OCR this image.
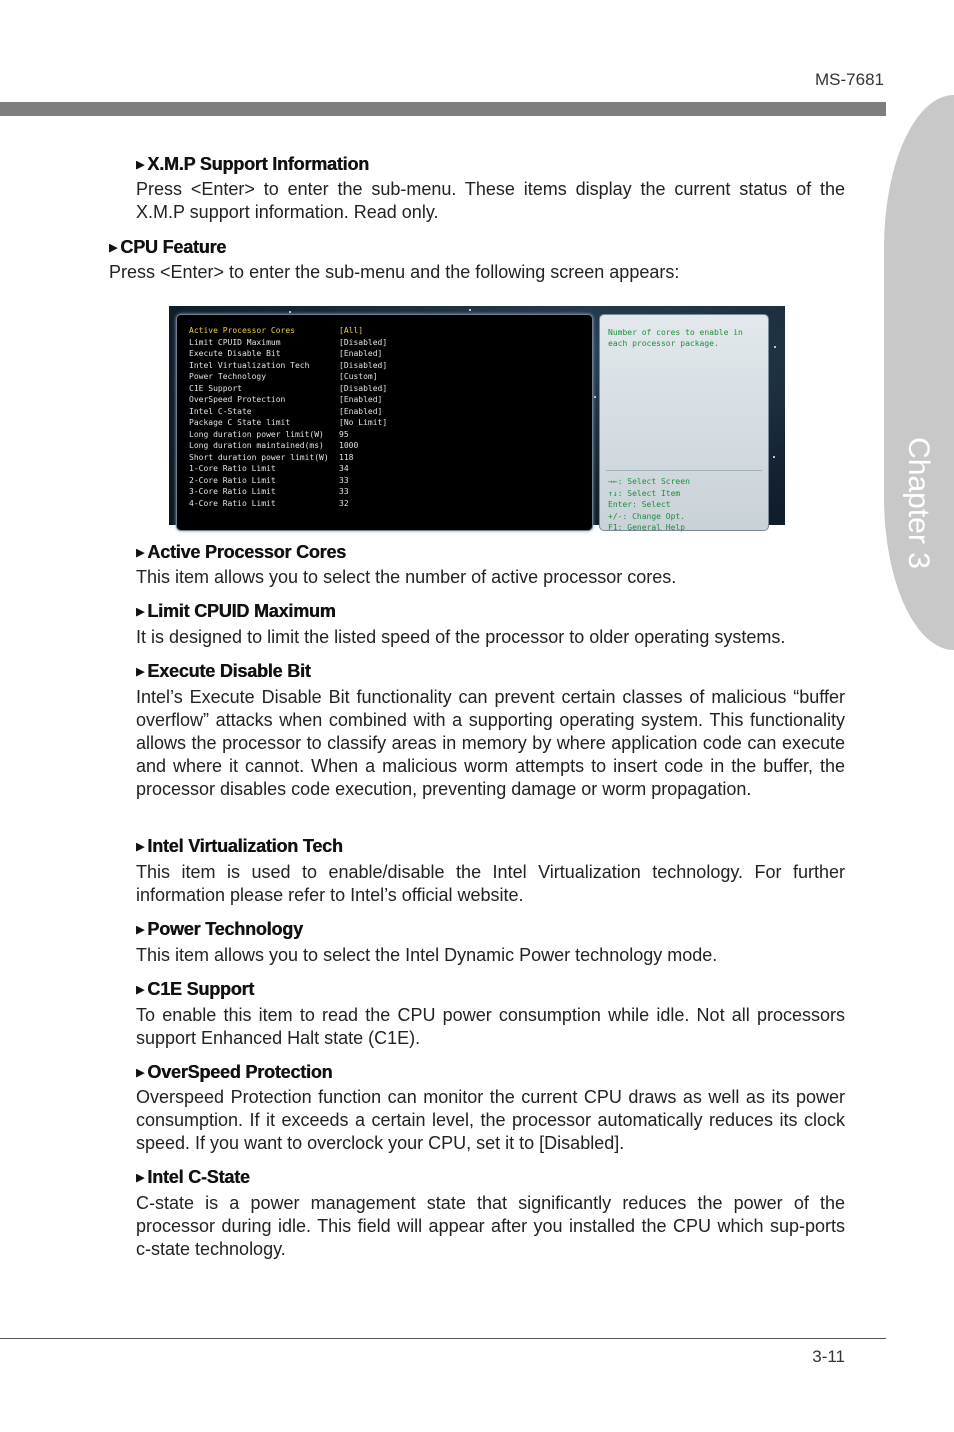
MS-7681
Chapter 3
▶ X.M.P Support Information
Press <Enter> to enter the sub-menu. These items display the current status of the X.M.P support information. Read only.
▶ CPU Feature
Press <Enter> to enter the sub-menu and the following screen appears:
Active Processor Cores	[All]
Limit CPUID Maximum	[Disabled]
Execute Disable Bit	[Enabled]
Intel Virtualization Tech	[Disabled]
Power Technology	[Custom]
C1E Support	[Disabled]
OverSpeed Protection	[Enabled]
Intel C-State	[Enabled]
Package C State limit	[No Limit]
Long duration power limit(W) 95
Long duration maintained(ms) 1000
Short duration power limit(W) 118
1-Core Ratio Limit	34
2-Core Ratio Limit	33
3-Core Ratio Limit	33
4-Core Ratio Limit	32
Number of cores to enable in
each processor package.
→←: Select Screen
↑↓: Select Item
Enter: Select
+/-: Change Opt.
F1: General Help
▶ Active Processor Cores
This item allows you to select the number of active processor cores.
▶ Limit CPUID Maximum
It is designed to limit the listed speed of the processor to older operating systems.
▶ Execute Disable Bit
Intel’s Execute Disable Bit functionality can prevent certain classes of malicious “buffer overflow” attacks when combined with a supporting operating system. This functionality allows the processor to classify areas in memory by where application code can execute and where it cannot. When a malicious worm attempts to insert code in the buffer, the processor disables code execution, preventing damage or worm propagation.
▶ Intel Virtualization Tech
This item is used to enable/disable the Intel Virtualization technology. For further information please refer to Intel’s official website.
▶ Power Technology
This item allows you to select the Intel Dynamic Power technology mode.
▶ C1E Support
To enable this item to read the CPU power consumption while idle. Not all processors support Enhanced Halt state (C1E).
▶ OverSpeed Protection
Overspeed Protection function can monitor the current CPU draws as well as its power consumption. If it exceeds a certain level, the processor automatically reduces its clock speed. If you want to overclock your CPU, set it to [Disabled].
▶ Intel C-State
C-state is a power management state that significantly reduces the power of the processor during idle. This field will appear after you installed the CPU which sup-ports c-state technology.
3-11
